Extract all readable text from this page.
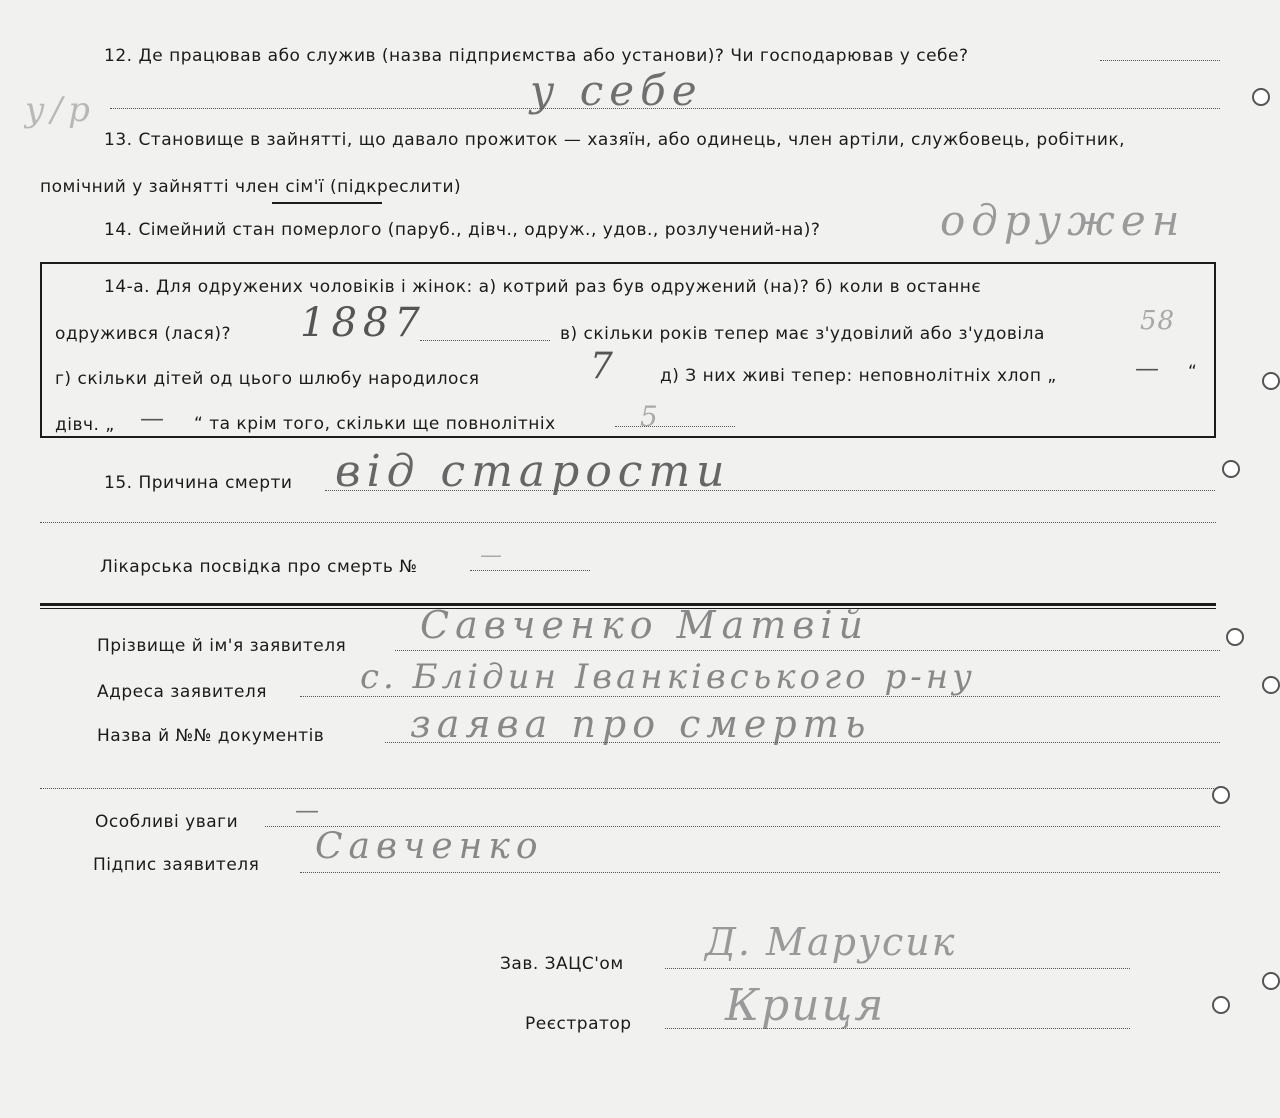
12. Де працював або служив (назва підприємства або установи)? Чи господарював у себе?
у себе
у/р
13. Становище в зайнятті, що давало прожиток — хазяїн, або одинець, член артіли, службовець, робітник,
помічний у зайнятті член сім'ї (підкреслити)
14. Сімейний стан померлого (паруб., дівч., одруж., удов., розлучений-на)?	одружен
14-а. Для одружених чоловіків і жінок: а) котрий раз був одружений (на)? б) коли в останнє
одружився (лася)? 1887	в) скільки років тепер має з'удовілий або з'удовіла	58
г) скільки дітей од цього шлюбу народилося	7 д) З них живі тепер: неповнолітніх хлоп „	— “
дівч. „ — “ та крім того, скільки ще повнолітніх	5
15. Причина смерти від старости
Лікарська посвідка про смерть №	—
Прізвище й ім'я заявителя Савченко Матвій
Адреса заявителя	с. Блідин Іванківського р-ну
Назва й №№ документів заява про смерть
Особливі уваги —
Підпис заявителя Савченко
Зав. ЗАЦС'ом Д. Марусик
Реєстратор Криця
